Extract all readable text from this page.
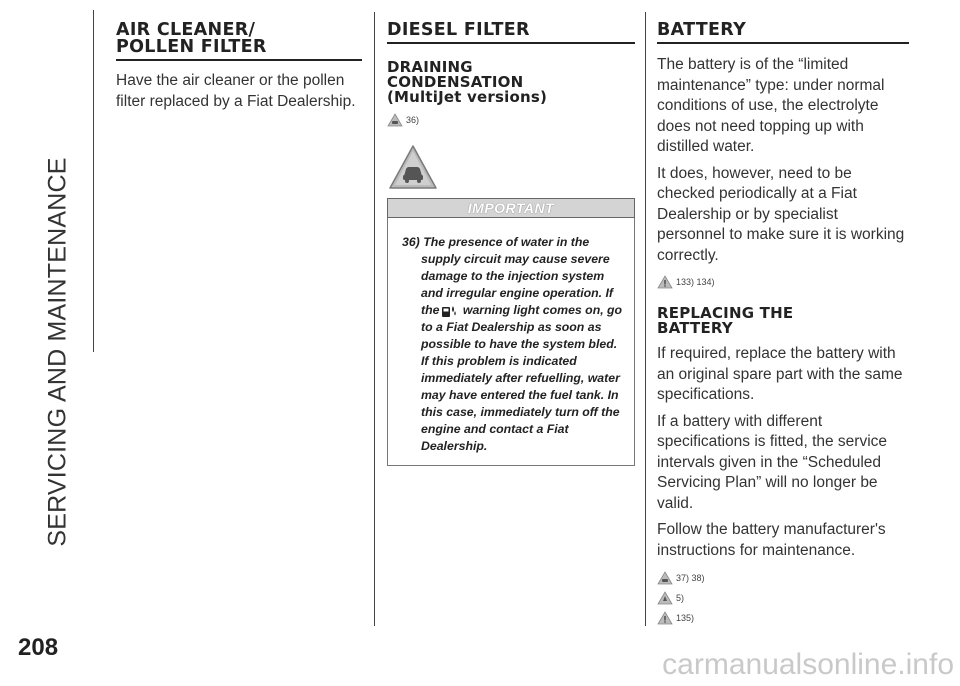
SERVICING AND MAINTENANCE
208
AIR CLEANER/
POLLEN FILTER

Have the air cleaner or the pollen filter replaced by a Fiat Dealership.

DIESEL FILTER
DRAINING
CONDENSATION
(MultiJet versions)
36)
IMPORTANT

36) The presence of water in the supply circuit may cause severe damage to the injection system and irregular engine operation. If the warning light comes on, go to a Fiat Dealership as soon as possible to have the system bled. If this problem is indicated immediately after refuelling, water may have entered the fuel tank. In this case, immediately turn off the engine and contact a Fiat Dealership.

BATTERY

The battery is of the “limited maintenance” type: under normal conditions of use, the electrolyte does not need topping up with distilled water.

It does, however, need to be checked periodically at a Fiat Dealership or by specialist personnel to make sure it is working correctly.

133) 134)
REPLACING THE
BATTERY

If required, replace the battery with an original spare part with the same specifications.

If a battery with different specifications is fitted, the service intervals given in the “Scheduled Servicing Plan” will no longer be valid.

Follow the battery manufacturer's instructions for maintenance.

37) 38)
5)
135)
carmanualsonline.info
